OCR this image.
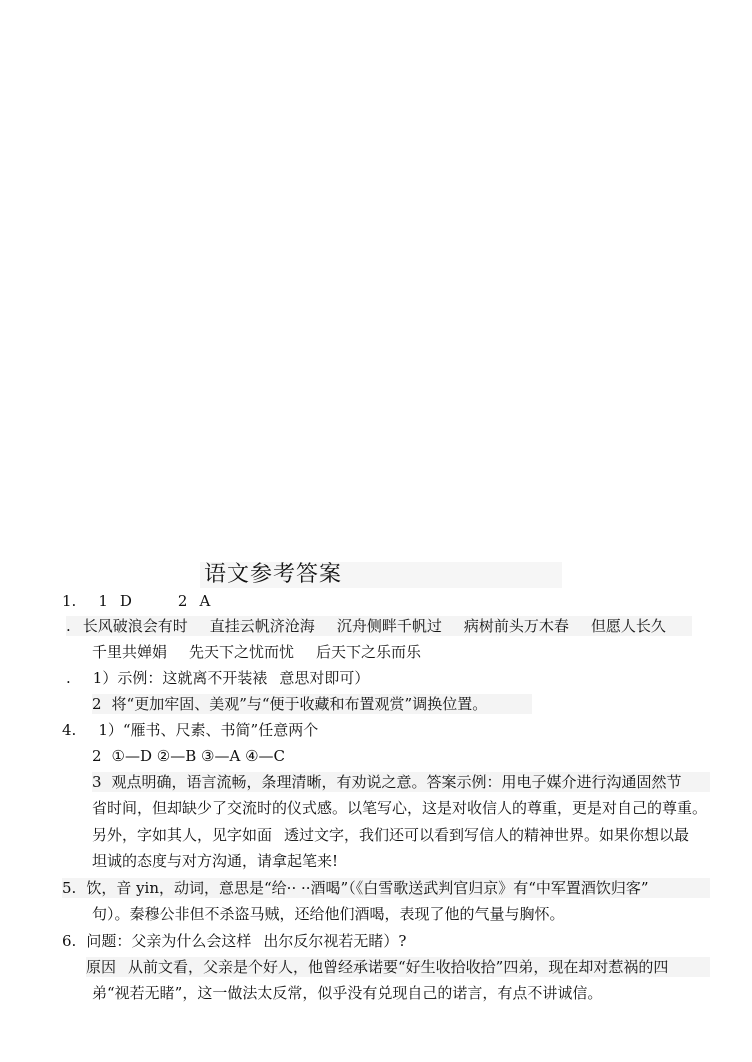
语文参考答案
1. 1 D	2 A
. 长风破浪会有时 直挂云帆济沧海 沉舟侧畔千帆过 病树前头万木春 但愿人长久
千里共婵娟 先天下之忧而忧 后天下之乐而乐
. 1）示例：这就离不开装裱 意思对即可）
2 将“更加牢固、美观”与“便于收藏和布置观赏”调换位置。
4. 1）“雁书、尺素、书简”任意两个
2 ①—D ②—B ③—A ④—C
3 观点明确，语言流畅，条理清晰，有劝说之意。答案示例：用电子媒介进行沟通固然节
省时间，但却缺少了交流时的仪式感。以笔写心，这是对收信人的尊重，更是对自己的尊重。
另外，字如其人，见字如面 透过文字，我们还可以看到写信人的精神世界。如果你想以最
坦诚的态度与对方沟通，请拿起笔来!
5. 饮，音 yin，动词，意思是“给·· ··酒喝”（《白雪歌送武判官归京》有“中军置酒饮归客”
句）。秦穆公非但不杀盗马贼，还给他们酒喝，表现了他的气量与胸怀。
6. 问题：父亲为什么会这样 出尔反尔视若无睹）?
原因 从前文看，父亲是个好人，他曾经承诺要“好生收拾收拾”四弟，现在却对惹祸的四
弟“视若无睹”，这一做法太反常，似乎没有兑现自己的诺言，有点不讲诚信。
